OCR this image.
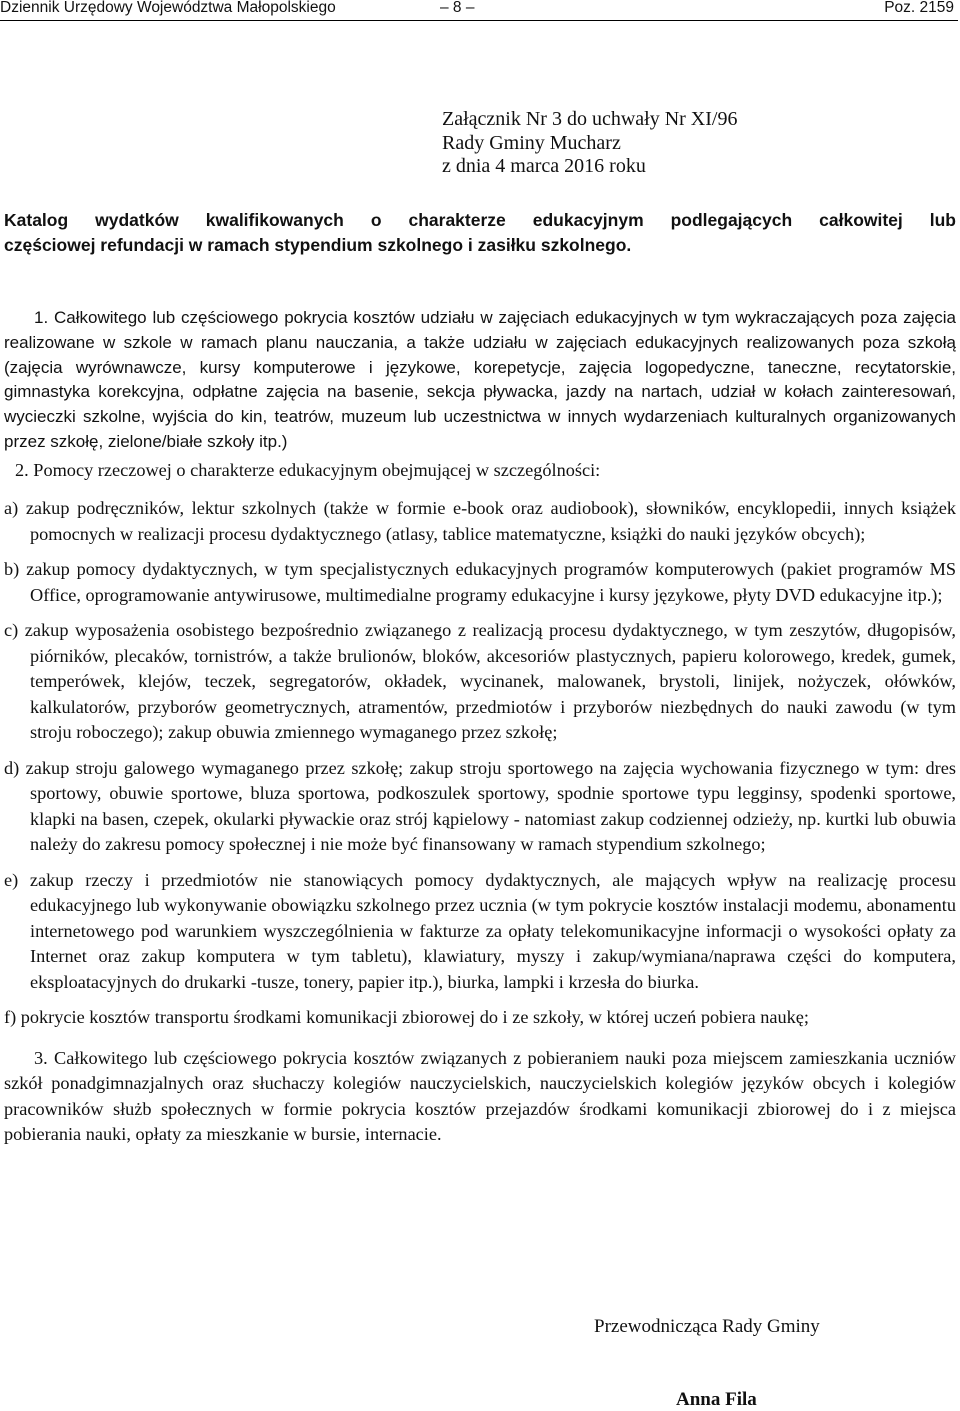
Dziennik Urzędowy Województwa Małopolskiego	– 8 –	Poz. 2159
Załącznik Nr 3 do uchwały Nr XI/96
Rady Gminy Mucharz
z dnia 4 marca 2016 roku
Katalog wydatków kwalifikowanych o charakterze edukacyjnym podlegających całkowitej lub
częściowej refundacji w ramach stypendium szkolnego i zasiłku szkolnego.

1. Całkowitego lub częściowego pokrycia kosztów udziału w zajęciach edukacyjnych w tym wykraczających poza zajęcia realizowane w szkole w ramach planu nauczania, a także udziału w zajęciach edukacyjnych realizowanych poza szkołą (zajęcia wyrównawcze, kursy komputerowe i językowe, korepetycje, zajęcia logopedyczne, taneczne, recytatorskie, gimnastyka korekcyjna, odpłatne zajęcia na basenie, sekcja pływacka, jazdy na nartach, udział w kołach zainteresowań, wycieczki szkolne, wyjścia do kin, teatrów, muzeum lub uczestnictwa w innych wydarzeniach kulturalnych organizowanych przez szkołę, zielone/białe szkoły itp.)

2. Pomocy rzeczowej o charakterze edukacyjnym obejmującej w szczególności:

a) zakup podręczników, lektur szkolnych (także w formie e-book oraz audiobook), słowników, encyklopedii, innych książek pomocnych w realizacji procesu dydaktycznego (atlasy, tablice matematyczne, książki do nauki języków obcych);

b) zakup pomocy dydaktycznych, w tym specjalistycznych edukacyjnych programów komputerowych (pakiet programów MS Office, oprogramowanie antywirusowe, multimedialne programy edukacyjne i kursy językowe, płyty DVD edukacyjne itp.);

c) zakup wyposażenia osobistego bezpośrednio związanego z realizacją procesu dydaktycznego, w tym zeszytów, długopisów, piórników, plecaków, tornistrów, a także brulionów, bloków, akcesoriów plastycznych, papieru kolorowego, kredek, gumek, temperówek, klejów, teczek, segregatorów, okładek, wycinanek, malowanek, brystoli, linijek, nożyczek, ołówków, kalkulatorów, przyborów geometrycznych, atramentów, przedmiotów i przyborów niezbędnych do nauki zawodu (w tym stroju roboczego); zakup obuwia zmiennego wymaganego przez szkołę;

d) zakup stroju galowego wymaganego przez szkołę; zakup stroju sportowego na zajęcia wychowania fizycznego w tym: dres sportowy, obuwie sportowe, bluza sportowa, podkoszulek sportowy, spodnie sportowe typu legginsy, spodenki sportowe, klapki na basen, czepek, okularki pływackie oraz strój kąpielowy - natomiast zakup codziennej odzieży, np. kurtki lub obuwia należy do zakresu pomocy społecznej i nie może być finansowany w ramach stypendium szkolnego;

e) zakup rzeczy i przedmiotów nie stanowiących pomocy dydaktycznych, ale mających wpływ na realizację procesu edukacyjnego lub wykonywanie obowiązku szkolnego przez ucznia (w tym pokrycie kosztów instalacji modemu, abonamentu internetowego pod warunkiem wyszczególnienia w fakturze za opłaty telekomunikacyjne informacji o wysokości opłaty za Internet oraz zakup komputera w tym tabletu), klawiatury, myszy i zakup/wymiana/naprawa części do komputera, eksploatacyjnych do drukarki -tusze, tonery, papier itp.), biurka, lampki i krzesła do biurka.

f) pokrycie kosztów transportu środkami komunikacji zbiorowej do i ze szkoły, w której uczeń pobiera naukę;

3. Całkowitego lub częściowego pokrycia kosztów związanych z pobieraniem nauki poza miejscem zamieszkania uczniów szkół ponadgimnazjalnych oraz słuchaczy kolegiów nauczycielskich, nauczycielskich kolegiów języków obcych i kolegiów pracowników służb społecznych w formie pokrycia kosztów przejazdów środkami komunikacji zbiorowej do i z miejsca pobierania nauki, opłaty za mieszkanie w bursie, internacie.

Przewodnicząca Rady Gminy
Anna Fila
